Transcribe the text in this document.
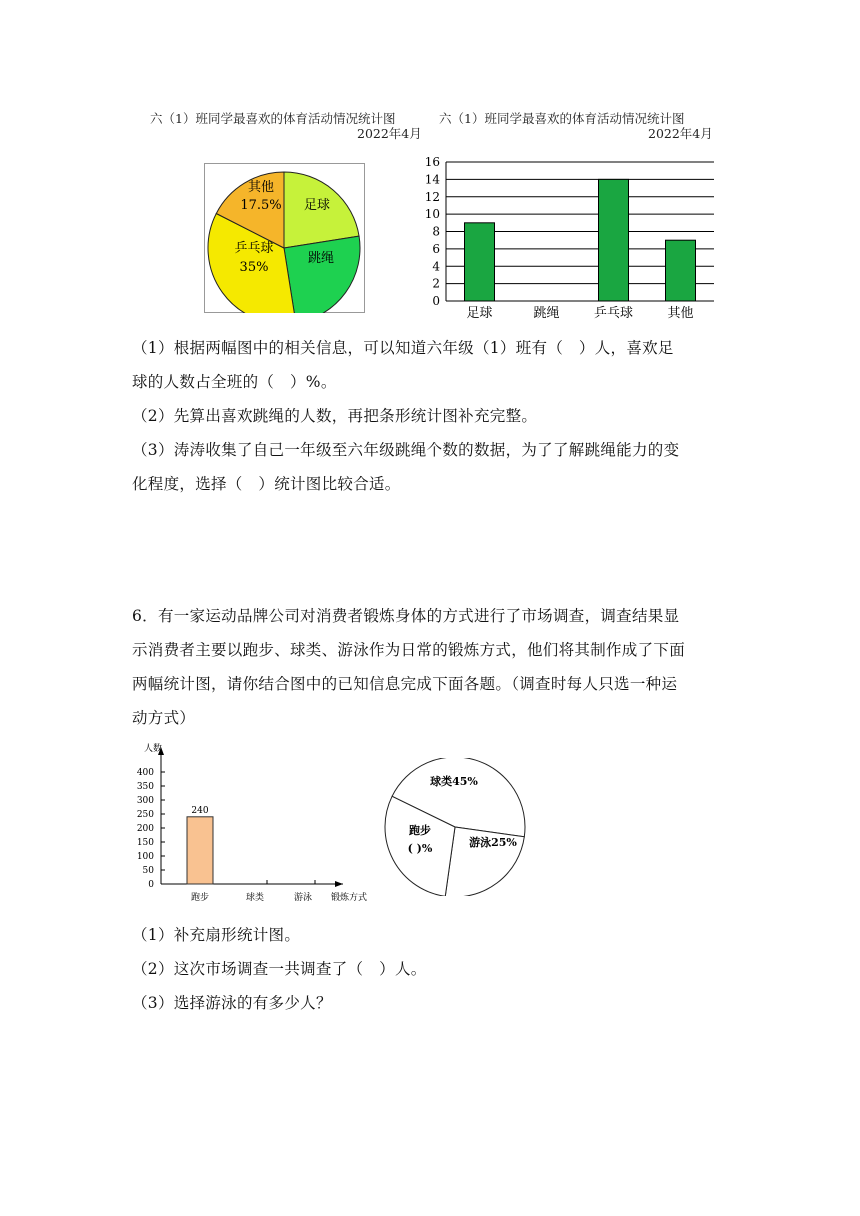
六（1）班同学最喜欢的体育活动情况统计图
2022年4月
六（1）班同学最喜欢的体育活动情况统计图
2022年4月
足球
跳绳
乒乓球
35%
其他
17.5%
0
2
4
6
8
10
12
14
16
足球	跳绳	乒乓球	其他
（1）根据两幅图中的相关信息，可以知道六年级（1）班有（　）人，喜欢足
球的人数占全班的（　）%。
（2）先算出喜欢跳绳的人数，再把条形统计图补充完整。
（3）涛涛收集了自己一年级至六年级跳绳个数的数据，为了了解跳绳能力的变
化程度，选择（　）统计图比较合适。
6．有一家运动品牌公司对消费者锻炼身体的方式进行了市场调查，调查结果显
示消费者主要以跑步、球类、游泳作为日常的锻炼方式，他们将其制作成了下面
两幅统计图，请你结合图中的已知信息完成下面各题。（调查时每人只选一种运
动方式）
人数
锻炼方式
0
50
100
150
200
250
300
350
400
240
跑步	球类	游泳
球类45%
游泳25%
跑步
( )%
（1）补充扇形统计图。
（2）这次市场调查一共调查了（　）人。
（3）选择游泳的有多少人？
